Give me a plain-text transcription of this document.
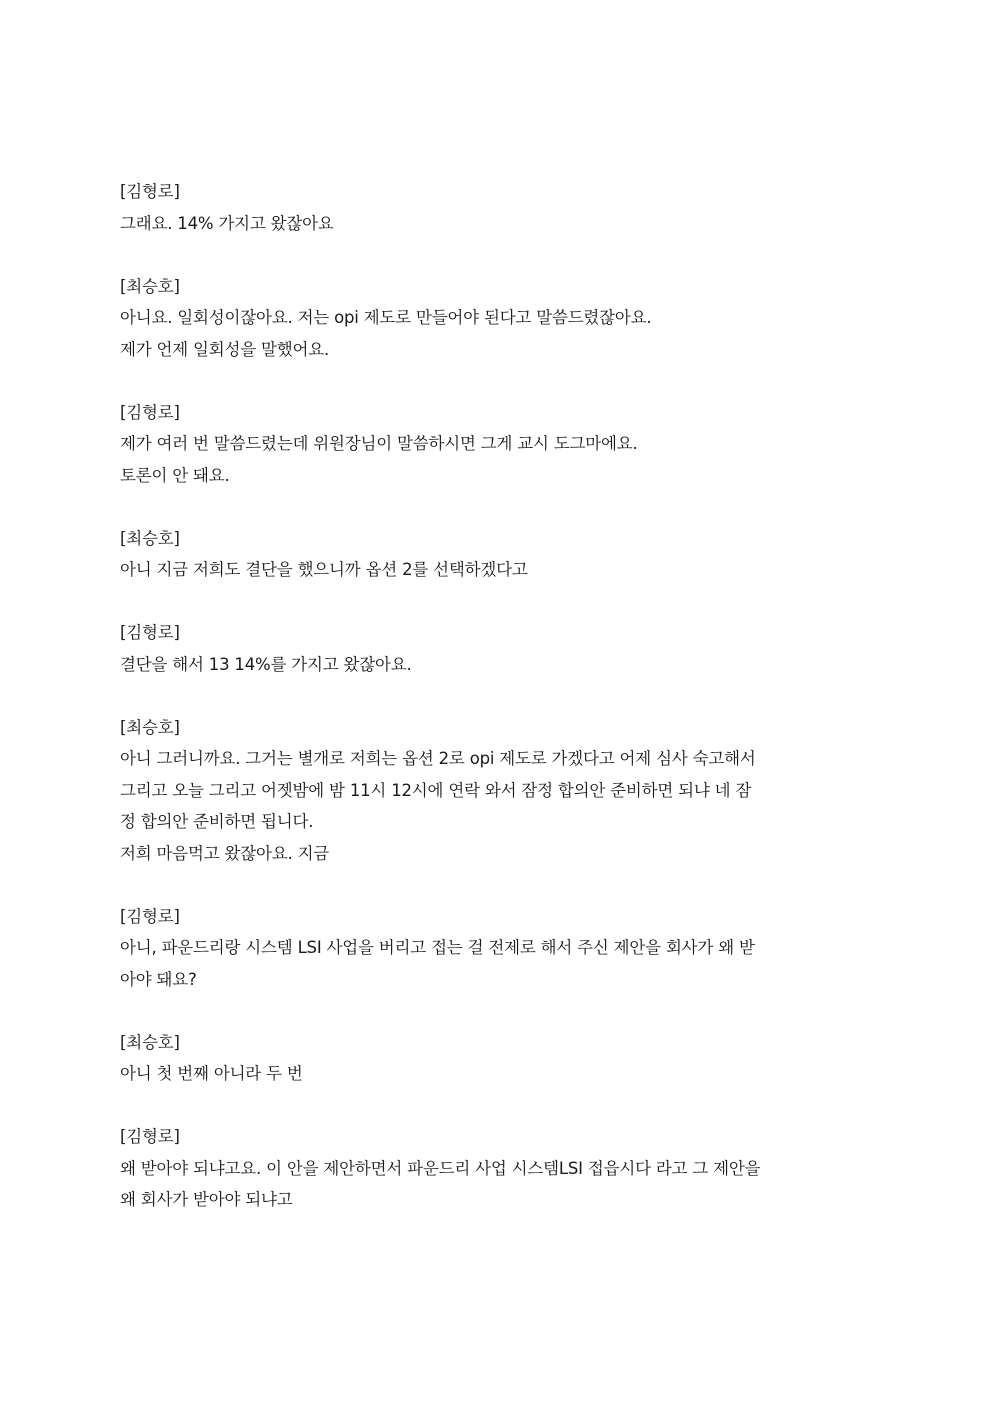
[김형로]
그래요. 14% 가지고 왔잖아요
[최승호]
아니요. 일회성이잖아요. 저는 opi 제도로 만들어야 된다고 말씀드렸잖아요.
제가 언제 일회성을 말했어요.
[김형로]
제가 여러 번 말씀드렸는데 위원장님이 말씀하시면 그게 교시 도그마에요.
토론이 안 돼요.
[최승호]
아니 지금 저희도 결단을 했으니까 옵션 2를 선택하겠다고
[김형로]
결단을 해서 13 14%를 가지고 왔잖아요.
[최승호]
아니 그러니까요. 그거는 별개로 저희는 옵션 2로 opi 제도로 가겠다고 어제 심사 숙고해서
그리고 오늘 그리고 어젯밤에 밤 11시 12시에 연락 와서 잠정 합의안 준비하면 되냐 네 잠
정 합의안 준비하면 됩니다.
저희 마음먹고 왔잖아요. 지금
[김형로]
아니, 파운드리랑 시스템 LSI 사업을 버리고 접는 걸 전제로 해서 주신 제안을 회사가 왜 받
아야 돼요?
[최승호]
아니 첫 번째 아니라 두 번
[김형로]
왜 받아야 되냐고요. 이 안을 제안하면서 파운드리 사업 시스템LSI 접읍시다 라고 그 제안을
왜 회사가 받아야 되냐고
